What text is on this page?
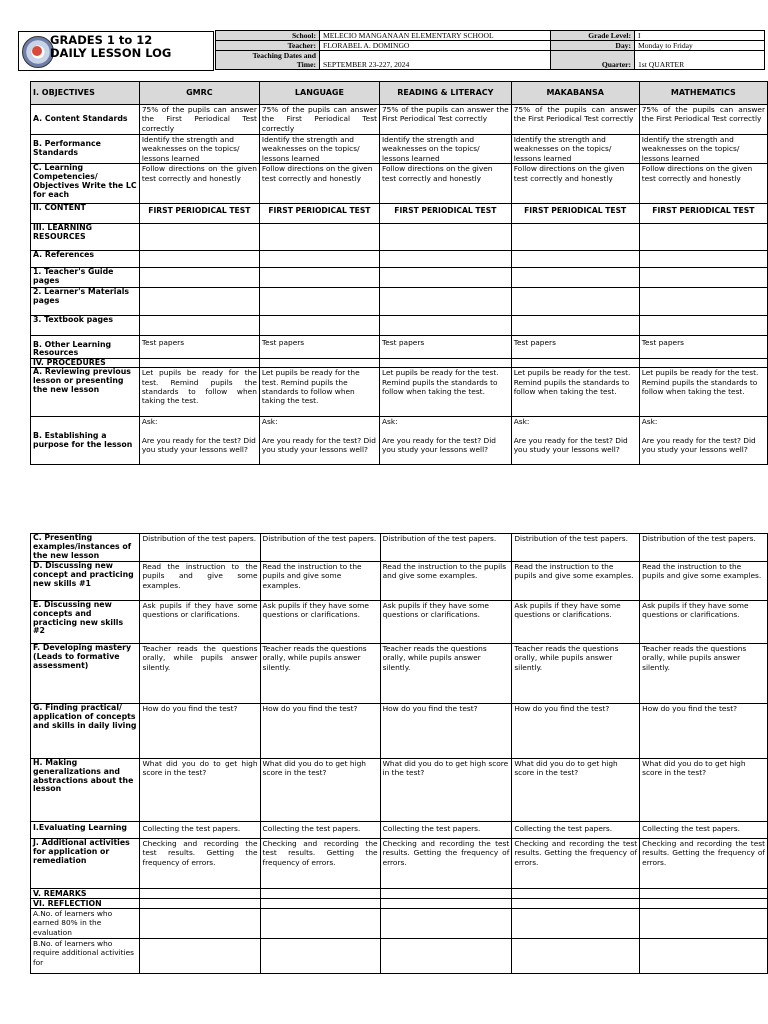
GRADES 1 to 12
DAILY LESSON LOG
School:	MELECIO MANGANAAN ELEMENTARY SCHOOL	Grade Level:	I
Teacher:	FLORABEL A. DOMINGO	Day:	Monday to Friday

Teaching Dates and
Time:	SEPTEMBER 23-227, 2024	Quarter:	1st QUARTER
I. OBJECTIVES	GMRC	LANGUAGE	READING & LITERACY	MAKABANSA	MATHEMATICS
A. Content Standards	75% of the pupils can answer the First Periodical Test correctly	75% of the pupils can answer the First Periodical Test correctly	75% of the pupils can answer the First Periodical Test correctly	75% of the pupils can answer the First Periodical Test correctly	75% of the pupils can answer the First Periodical Test correctly
B. Performance Standards	Identify the strength and weaknesses on the topics/ lessons learned	Identify the strength and weaknesses on the topics/ lessons learned	Identify the strength and weaknesses on the topics/ lessons learned	Identify the strength and weaknesses on the topics/ lessons learned	Identify the strength and weaknesses on the topics/ lessons learned
C. Learning Competencies/ Objectives Write the LC for each	Follow directions on the given test correctly and honestly	Follow directions on the given test correctly and honestly	Follow directions on the given test correctly and honestly	Follow directions on the given test correctly and honestly	Follow directions on the given test correctly and honestly
II. CONTENT	FIRST PERIODICAL TEST	FIRST PERIODICAL TEST	FIRST PERIODICAL TEST	FIRST PERIODICAL TEST	FIRST PERIODICAL TEST
III. LEARNING RESOURCES					
A. References					
1. Teacher's Guide pages					
2. Learner's Materials pages					
3. Textbook pages					
B. Other Learning Resources	Test papers	Test papers	Test papers	Test papers	Test papers
IV. PROCEDURES					
A. Reviewing previous lesson or presenting the new lesson	Let pupils be ready for the test. Remind pupils the standards to follow when taking the test.	Let pupils be ready for the test. Remind pupils the standards to follow when taking the test.	Let pupils be ready for the test. Remind pupils the standards to follow when taking the test.	Let pupils be ready for the test. Remind pupils the standards to follow when taking the test.	Let pupils be ready for the test. Remind pupils the standards to follow when taking the test.
B. Establishing a purpose for the lesson	Ask:

Are you ready for the test? Did you study your lessons well?	Ask:

Are you ready for the test? Did you study your lessons well?	Ask:

Are you ready for the test? Did you study your lessons well?	Ask:

Are you ready for the test? Did you study your lessons well?	Ask:

Are you ready for the test? Did you study your lessons well?
C. Presenting examples/instances of the new lesson	Distribution of the test papers.	Distribution of the test papers.	Distribution of the test papers.	Distribution of the test papers.	Distribution of the test papers.
D. Discussing new concept and practicing new skills #1	Read the instruction to the pupils and give some examples.	Read the instruction to the pupils and give some examples.	Read the instruction to the pupils and give some examples.	Read the instruction to the pupils and give some examples.	Read the instruction to the pupils and give some examples.
E. Discussing new concepts and practicing new skills #2	Ask pupils if they have some questions or clarifications.	Ask pupils if they have some questions or clarifications.	Ask pupils if they have some questions or clarifications.	Ask pupils if they have some questions or clarifications.	Ask pupils if they have some questions or clarifications.
F. Developing mastery (Leads to formative assessment)	Teacher reads the questions orally, while pupils answer silently.	Teacher reads the questions orally, while pupils answer silently.	Teacher reads the questions orally, while pupils answer silently.	Teacher reads the questions orally, while pupils answer silently.	Teacher reads the questions orally, while pupils answer silently.
G. Finding practical/ application of concepts and skills in daily living	How do you find the test?	How do you find the test?	How do you find the test?	How do you find the test?	How do you find the test?
H. Making generalizations and abstractions about the lesson	What did you do to get high score in the test?	What did you do to get high score in the test?	What did you do to get high score in the test?	What did you do to get high score in the test?	What did you do to get high score in the test?
I.Evaluating Learning	Collecting the test papers.	Collecting the test papers.	Collecting the test papers.	Collecting the test papers.	Collecting the test papers.
J. Additional activities for application or remediation	Checking and recording the test results. Getting the frequency of errors.	Checking and recording the test results. Getting the frequency of errors.	Checking and recording the test results. Getting the frequency of errors.	Checking and recording the test results. Getting the frequency of errors.	Checking and recording the test results. Getting the frequency of errors.
V. REMARKS					
VI. REFLECTION					
A.No. of learners who earned 80% in the evaluation					
B.No. of learners who require additional activities for					
